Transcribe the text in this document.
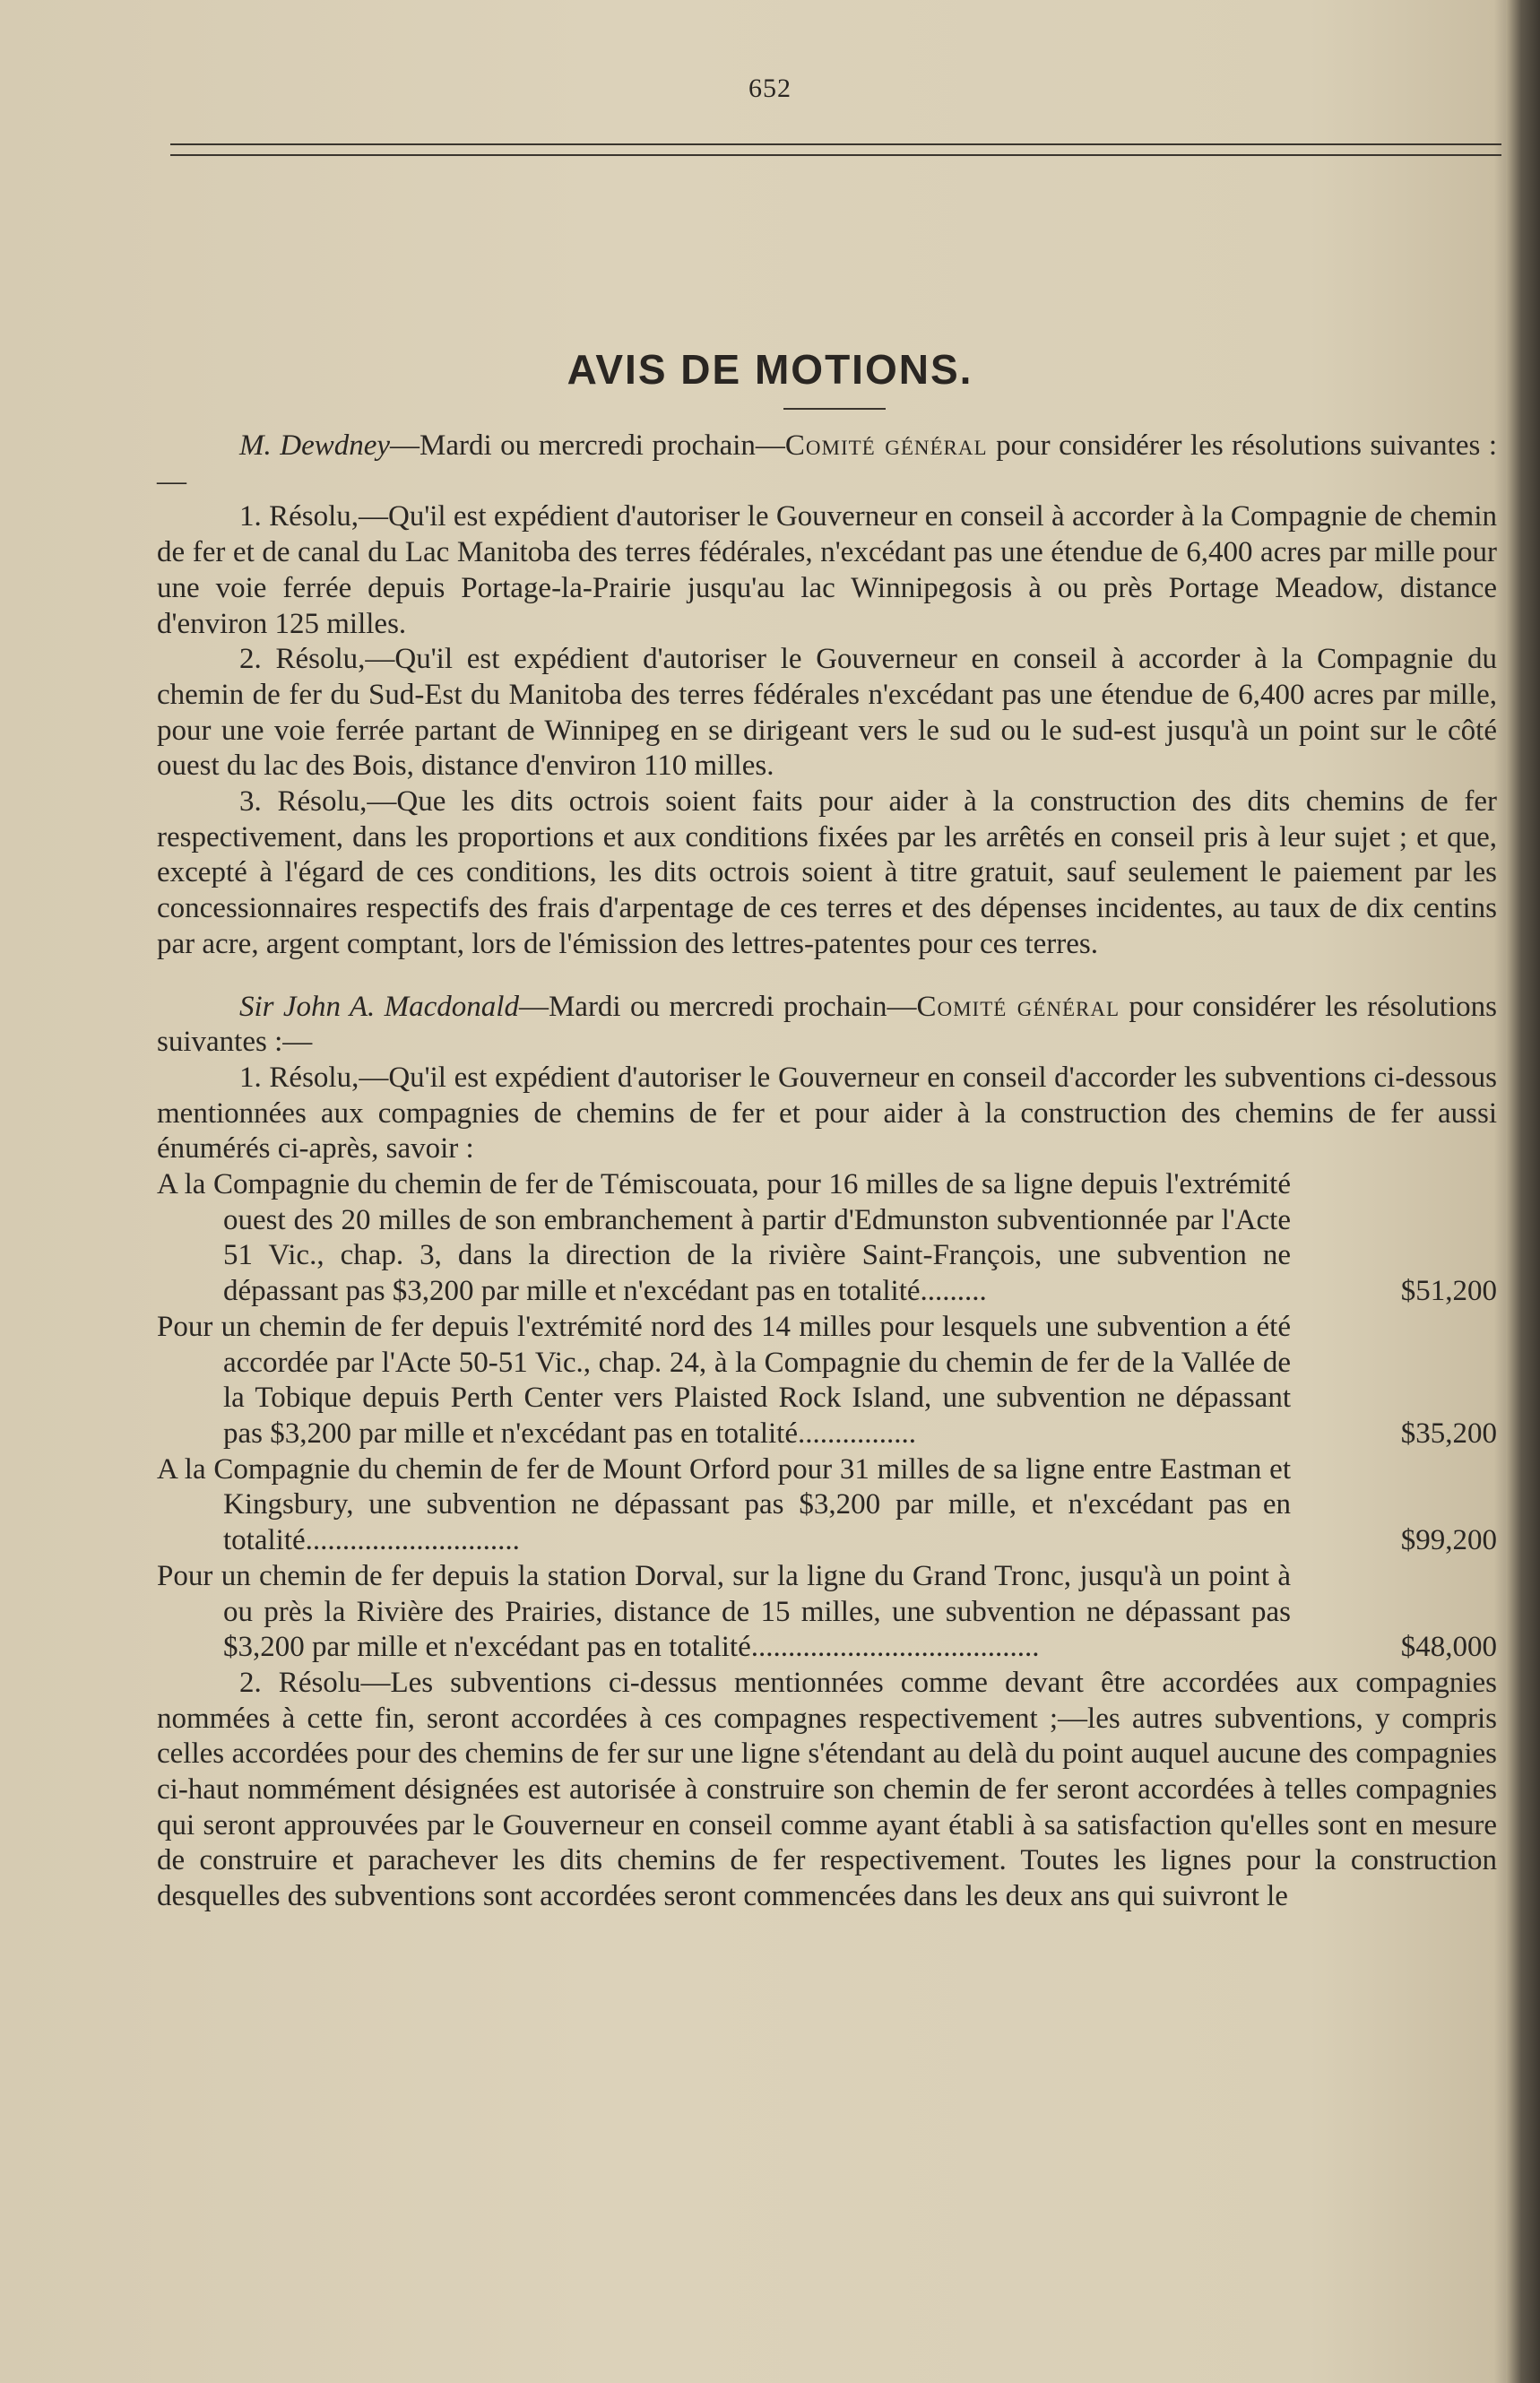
652
AVIS DE MOTIONS.

M. Dewdney—Mardi ou mercredi prochain—Comité général pour considérer les résolutions suivantes :—

1. Résolu,—Qu'il est expédient d'autoriser le Gouverneur en conseil à accorder à la Compagnie de chemin de fer et de canal du Lac Manitoba des terres fédérales, n'excédant pas une étendue de 6,400 acres par mille pour une voie ferrée depuis Portage-la-Prairie jusqu'au lac Winnipegosis à ou près Portage Meadow, distance d'environ 125 milles.

2. Résolu,—Qu'il est expédient d'autoriser le Gouverneur en conseil à accorder à la Compagnie du chemin de fer du Sud-Est du Manitoba des terres fédérales n'excédant pas une étendue de 6,400 acres par mille, pour une voie ferrée partant de Winnipeg en se dirigeant vers le sud ou le sud-est jusqu'à un point sur le côté ouest du lac des Bois, distance d'environ 110 milles.

3. Résolu,—Que les dits octrois soient faits pour aider à la construction des dits chemins de fer respectivement, dans les proportions et aux conditions fixées par les arrêtés en conseil pris à leur sujet ; et que, excepté à l'égard de ces conditions, les dits octrois soient à titre gratuit, sauf seulement le paiement par les concessionnaires respectifs des frais d'arpentage de ces terres et des dépenses incidentes, au taux de dix centins par acre, argent comptant, lors de l'émission des lettres-patentes pour ces terres.

Sir John A. Macdonald—Mardi ou mercredi prochain—Comité général pour considérer les résolutions suivantes :—

1. Résolu,—Qu'il est expédient d'autoriser le Gouverneur en conseil d'accorder les subventions ci-dessous mentionnées aux compagnies de chemins de fer et pour aider à la construction des chemins de fer aussi énumérés ci-après, savoir :

A la Compagnie du chemin de fer de Témiscouata, pour 16 milles de sa ligne depuis l'extrémité ouest des 20 milles de son embranchement à partir d'Edmunston subventionnée par l'Acte 51 Vic., chap. 3, dans la direction de la rivière Saint-François, une subvention ne dépassant pas $3,200 par mille et n'excédant pas en totalité.........	$51,200
Pour un chemin de fer depuis l'extrémité nord des 14 milles pour lesquels une subvention a été accordée par l'Acte 50-51 Vic., chap. 24, à la Compagnie du chemin de fer de la Vallée de la Tobique depuis Perth Center vers Plaisted Rock Island, une subvention ne dépassant pas $3,200 par mille et n'excédant pas en totalité................	$35,200
A la Compagnie du chemin de fer de Mount Orford pour 31 milles de sa ligne entre Eastman et Kingsbury, une subvention ne dépassant pas $3,200 par mille, et n'excédant pas en totalité.............................	$99,200
Pour un chemin de fer depuis la station Dorval, sur la ligne du Grand Tronc, jusqu'à un point à ou près la Rivière des Prairies, distance de 15 milles, une subvention ne dépassant pas $3,200 par mille et n'excédant pas en totalité.......................................	$48,000

2. Résolu—Les subventions ci-dessus mentionnées comme devant être accordées aux compagnies nommées à cette fin, seront accordées à ces compagnes respectivement ;—les autres subventions, y compris celles accordées pour des chemins de fer sur une ligne s'étendant au delà du point auquel aucune des compagnies ci-haut nommément désignées est autorisée à construire son chemin de fer seront accordées à telles compagnies qui seront approuvées par le Gouverneur en conseil comme ayant établi à sa satisfaction qu'elles sont en mesure de construire et parachever les dits chemins de fer respectivement. Toutes les lignes pour la construction desquelles des subventions sont accordées seront commencées dans les deux ans qui suivront le
